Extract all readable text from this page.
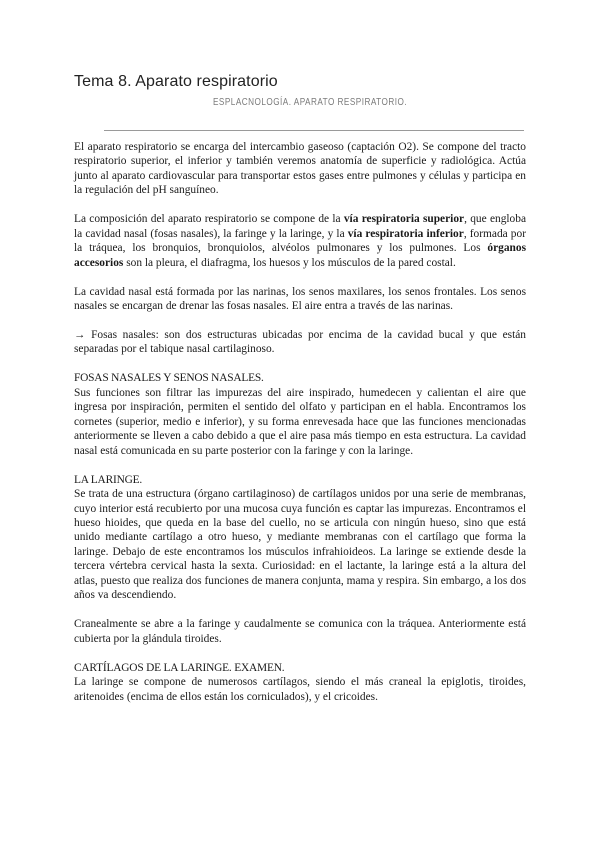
Tema 8. Aparato respiratorio
ESPLACNOLOGÍA. APARATO RESPIRATORIO.

El aparato respiratorio se encarga del intercambio gaseoso (captación O2). Se compone del tracto respiratorio superior, el inferior y también veremos anatomía de superficie y radiológica. Actúa junto al aparato cardiovascular para transportar estos gases entre pulmones y células y participa en la regulación del pH sanguíneo.

La composición del aparato respiratorio se compone de la vía respiratoria superior, que engloba la cavidad nasal (fosas nasales), la faringe y la laringe, y la vía respiratoria inferior, formada por la tráquea, los bronquios, bronquiolos, alvéolos pulmonares y los pulmones. Los órganos accesorios son la pleura, el diafragma, los huesos y los músculos de la pared costal.

La cavidad nasal está formada por las narinas, los senos maxilares, los senos frontales. Los senos nasales se encargan de drenar las fosas nasales. El aire entra a través de las narinas.

→ Fosas nasales: son dos estructuras ubicadas por encima de la cavidad bucal y que están separadas por el tabique nasal cartilaginoso.

FOSAS NASALES Y SENOS NASALES.

Sus funciones son filtrar las impurezas del aire inspirado, humedecen y calientan el aire que ingresa por inspiración, permiten el sentido del olfato y participan en el habla. Encontramos los cornetes (superior, medio e inferior), y su forma enrevesada hace que las funciones mencionadas anteriormente se lleven a cabo debido a que el aire pasa más tiempo en esta estructura. La cavidad nasal está comunicada en su parte posterior con la faringe y con la laringe.

LA LARINGE.

Se trata de una estructura (órgano cartilaginoso) de cartílagos unidos por una serie de membranas, cuyo interior está recubierto por una mucosa cuya función es captar las impurezas. Encontramos el hueso hioides, que queda en la base del cuello, no se articula con ningún hueso, sino que está unido mediante cartílago a otro hueso, y mediante membranas con el cartílago que forma la laringe. Debajo de este encontramos los músculos infrahioideos. La laringe se extiende desde la tercera vértebra cervical hasta la sexta. Curiosidad: en el lactante, la laringe está a la altura del atlas, puesto que realiza dos funciones de manera conjunta, mama y respira. Sin embargo, a los dos años va descendiendo.

Cranealmente se abre a la faringe y caudalmente se comunica con la tráquea. Anteriormente está cubierta por la glándula tiroides.

CARTÍLAGOS DE LA LARINGE. EXAMEN.

La laringe se compone de numerosos cartílagos, siendo el más craneal la epiglotis, tiroides, aritenoides (encima de ellos están los corniculados), y el cricoides.
